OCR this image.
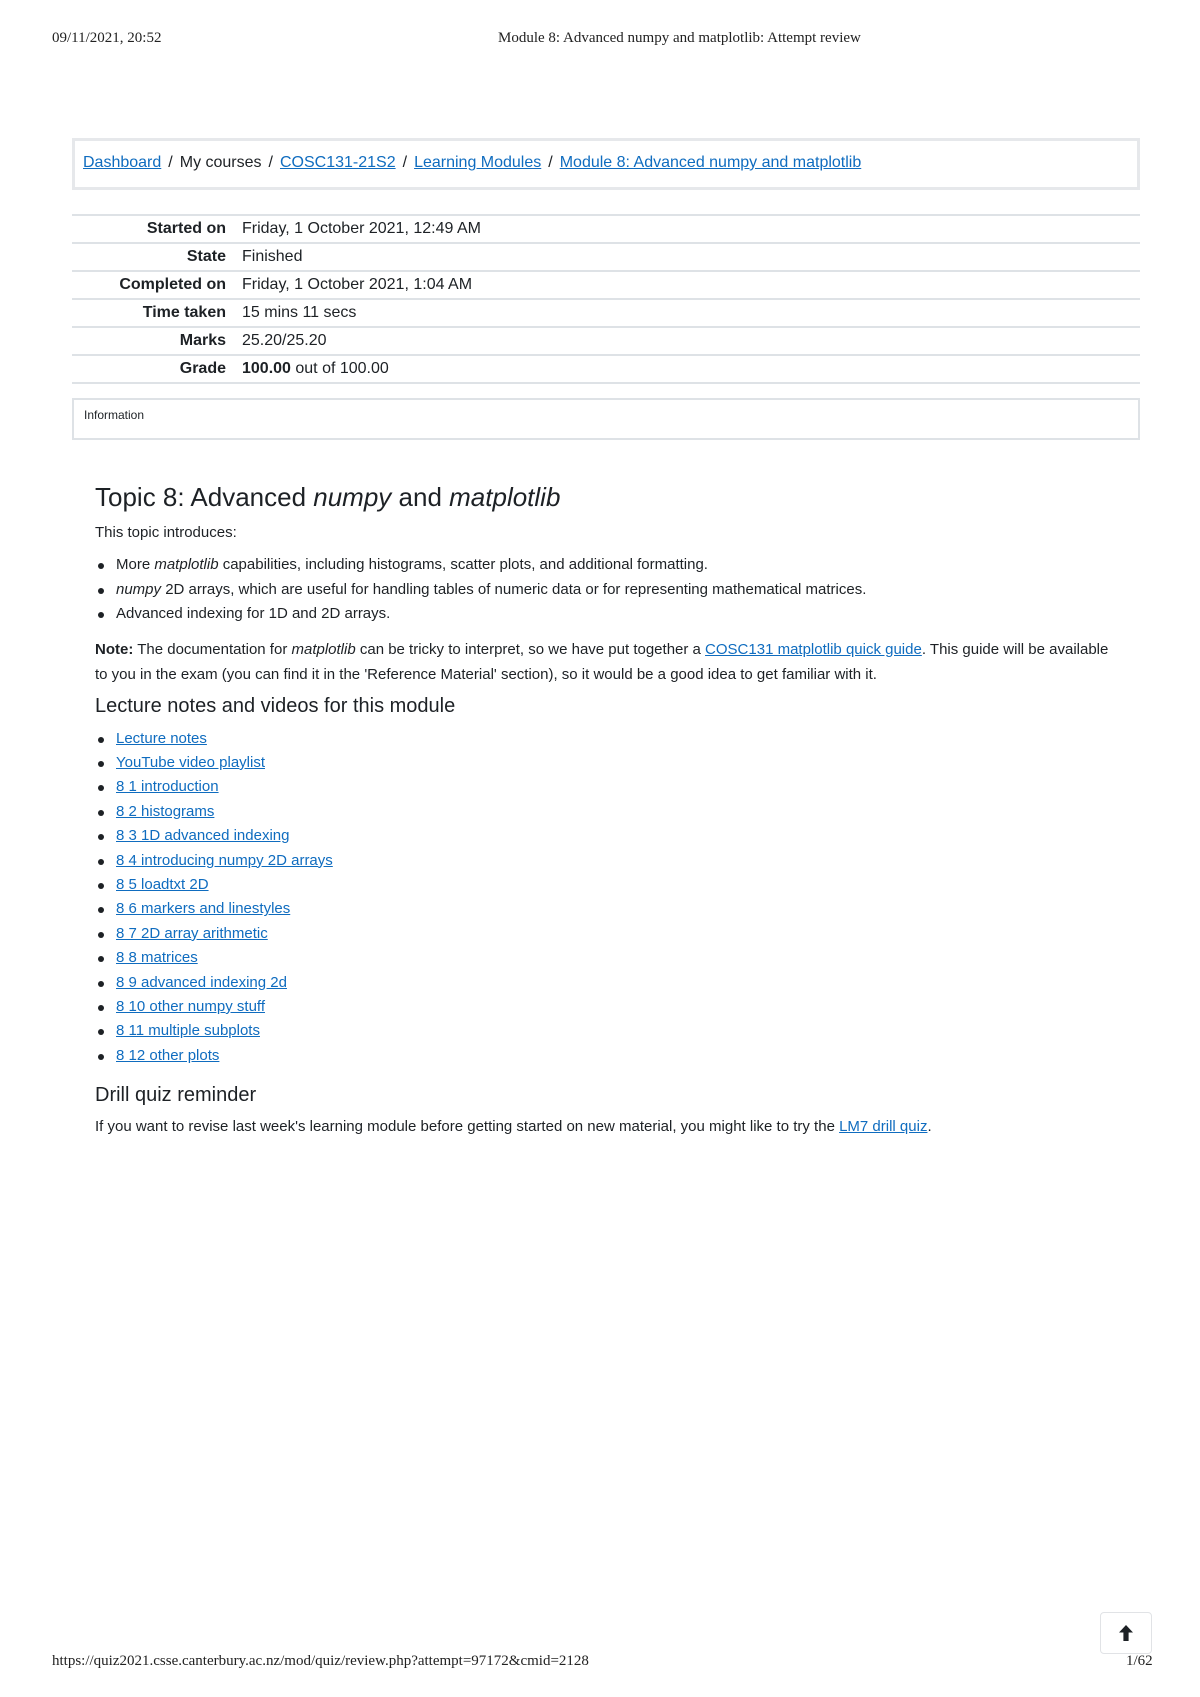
09/11/2021, 20:52	Module 8: Advanced numpy and matplotlib: Attempt review
Dashboard / My courses / COSC131-21S2 / Learning Modules / Module 8: Advanced numpy and matplotlib
Started on	Friday, 1 October 2021, 12:49 AM
State	Finished
Completed on	Friday, 1 October 2021, 1:04 AM
Time taken	15 mins 11 secs
Marks	25.20/25.20
Grade	100.00 out of 100.00
Information
Topic 8: Advanced numpy and matplotlib

This topic introduces:

More matplotlib capabilities, including histograms, scatter plots, and additional formatting.
numpy 2D arrays, which are useful for handling tables of numeric data or for representing mathematical matrices.
Advanced indexing for 1D and 2D arrays.

Note: The documentation for matplotlib can be tricky to interpret, so we have put together a COSC131 matplotlib quick guide. This guide will be available to you in the exam (you can find it in the 'Reference Material' section), so it would be a good idea to get familiar with it.

Lecture notes and videos for this module
Lecture notes
YouTube video playlist
8 1 introduction
8 2 histograms
8 3 1D advanced indexing
8 4 introducing numpy 2D arrays
8 5 loadtxt 2D
8 6 markers and linestyles
8 7 2D array arithmetic
8 8 matrices
8 9 advanced indexing 2d
8 10 other numpy stuff
8 11 multiple subplots
8 12 other plots
Drill quiz reminder

If you want to revise last week's learning module before getting started on new material, you might like to try the LM7 drill quiz.

https://quiz2021.csse.canterbury.ac.nz/mod/quiz/review.php?attempt=97172&cmid=2128	1/62
